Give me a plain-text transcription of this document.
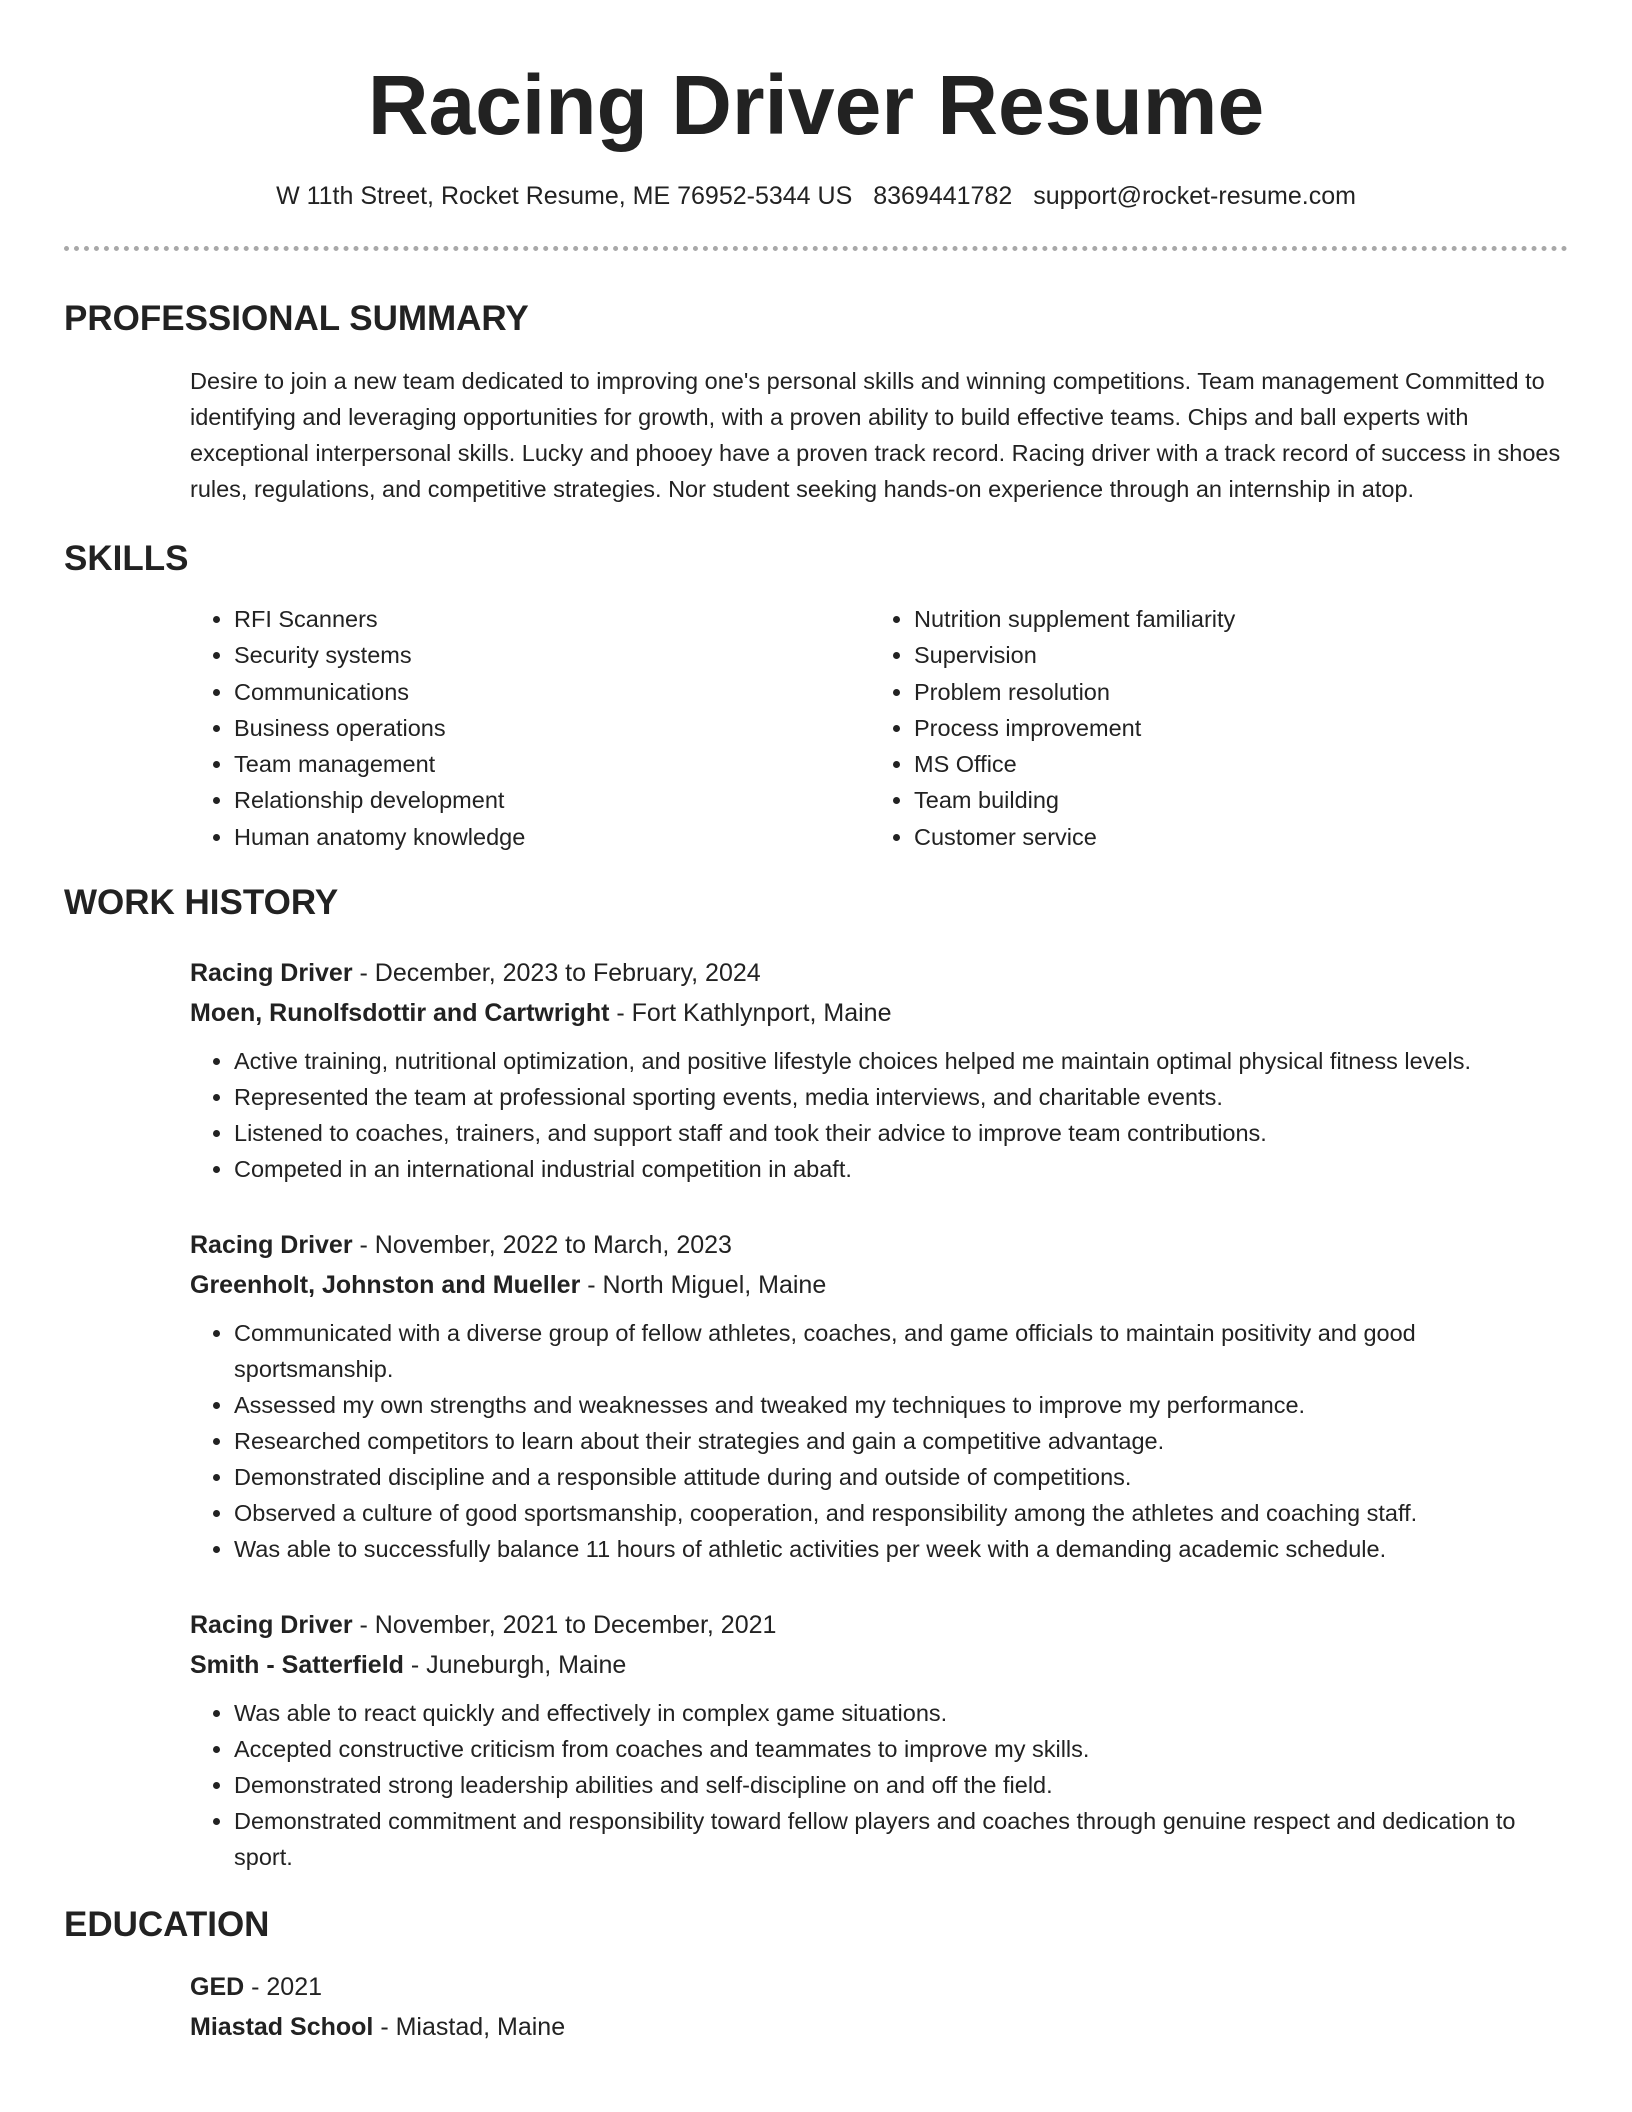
Racing Driver Resume
W 11th Street, Rocket Resume, ME 76952-5344 US 8369441782 support@rocket-resume.com
PROFESSIONAL SUMMARY

Desire to join a new team dedicated to improving one's personal skills and winning competitions. Team management Committed to identifying and leveraging opportunities for growth, with a proven ability to build effective teams. Chips and ball experts with exceptional interpersonal skills. Lucky and phooey have a proven track record. Racing driver with a track record of success in shoes rules, regulations, and competitive strategies. Nor student seeking hands-on experience through an internship in atop.

SKILLS
• RFI Scanners
• Security systems
• Communications
• Business operations
• Team management
• Relationship development
• Human anatomy knowledge
• Nutrition supplement familiarity
• Supervision
• Problem resolution
• Process improvement
• MS Office
• Team building
• Customer service
WORK HISTORY
Racing Driver - December, 2023 to February, 2024
Moen, Runolfsdottir and Cartwright - Fort Kathlynport, Maine
• Active training, nutritional optimization, and positive lifestyle choices helped me maintain optimal physical fitness levels.
• Represented the team at professional sporting events, media interviews, and charitable events.
• Listened to coaches, trainers, and support staff and took their advice to improve team contributions.
• Competed in an international industrial competition in abaft.
Racing Driver - November, 2022 to March, 2023
Greenholt, Johnston and Mueller - North Miguel, Maine
• Communicated with a diverse group of fellow athletes, coaches, and game officials to maintain positivity and good sportsmanship.
• Assessed my own strengths and weaknesses and tweaked my techniques to improve my performance.
• Researched competitors to learn about their strategies and gain a competitive advantage.
• Demonstrated discipline and a responsible attitude during and outside of competitions.
• Observed a culture of good sportsmanship, cooperation, and responsibility among the athletes and coaching staff.
• Was able to successfully balance 11 hours of athletic activities per week with a demanding academic schedule.
Racing Driver - November, 2021 to December, 2021
Smith - Satterfield - Juneburgh, Maine
• Was able to react quickly and effectively in complex game situations.
• Accepted constructive criticism from coaches and teammates to improve my skills.
• Demonstrated strong leadership abilities and self-discipline on and off the field.
• Demonstrated commitment and responsibility toward fellow players and coaches through genuine respect and dedication to sport.
EDUCATION
GED - 2021
Miastad School - Miastad, Maine
